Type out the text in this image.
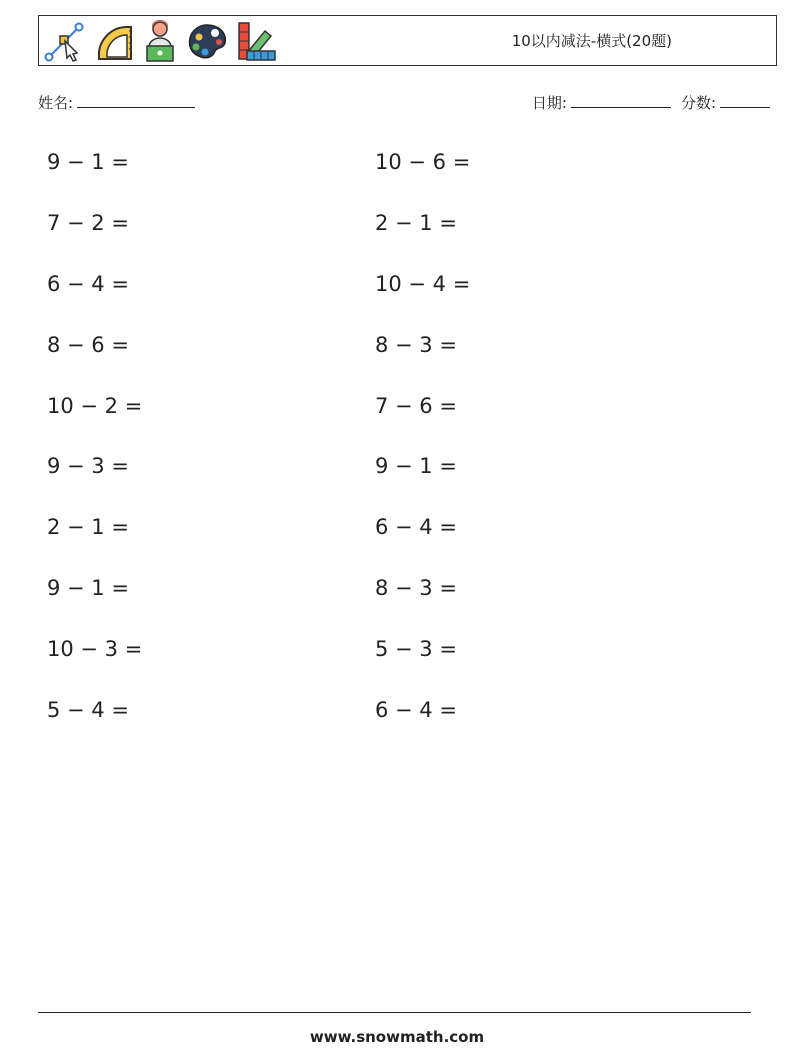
10以内减法-横式(20题)
姓名:	日期:	分数:
9 − 1 =
7 − 2 =
6 − 4 =
8 − 6 =
10 − 2 =
9 − 3 =
2 − 1 =
9 − 1 =
10 − 3 =
5 − 4 =
10 − 6 =
2 − 1 =
10 − 4 =
8 − 3 =
7 − 6 =
9 − 1 =
6 − 4 =
8 − 3 =
5 − 3 =
6 − 4 =
www.snowmath.com
